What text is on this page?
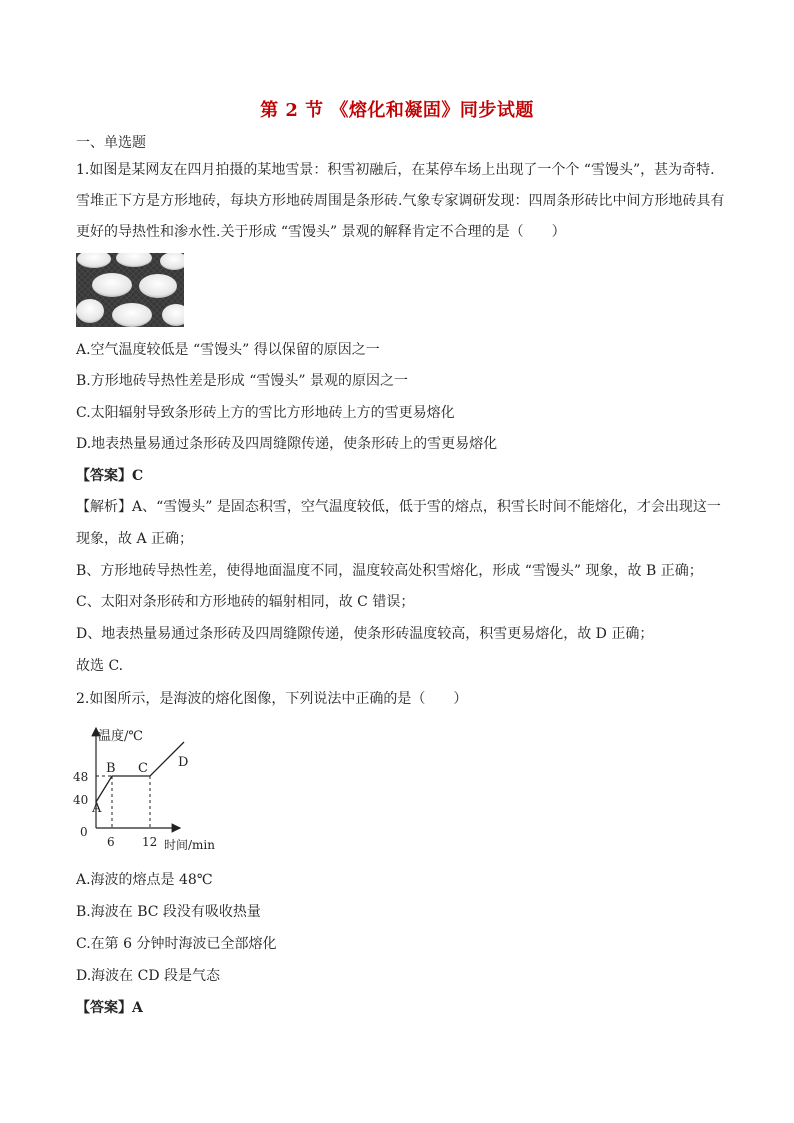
第 2 节 《熔化和凝固》同步试题
一、单选题
1.如图是某网友在四月拍摄的某地雪景：积雪初融后，在某停车场上出现了一个个 “雪馒头”，甚为奇特.
雪堆正下方是方形地砖，每块方形地砖周围是条形砖.气象专家调研发现：四周条形砖比中间方形地砖具有
更好的导热性和渗水性.关于形成 “雪馒头” 景观的解释肯定不合理的是（　　）
A.空气温度较低是 “雪馒头” 得以保留的原因之一
B.方形地砖导热性差是形成 “雪馒头” 景观的原因之一
C.太阳辐射导致条形砖上方的雪比方形地砖上方的雪更易熔化
D.地表热量易通过条形砖及四周缝隙传递，使条形砖上的雪更易熔化
【答案】C
【解析】A、“雪馒头” 是固态积雪，空气温度较低，低于雪的熔点，积雪长时间不能熔化，才会出现这一
现象，故 A 正确；
B、方形地砖导热性差，使得地面温度不同，温度较高处积雪熔化，形成 “雪馒头” 现象，故 B 正确；
C、太阳对条形砖和方形地砖的辐射相同，故 C 错误；
D、地表热量易通过条形砖及四周缝隙传递，使条形砖温度较高，积雪更易熔化，故 D 正确；
故选 C.
2.如图所示，是海波的熔化图像，下列说法中正确的是（　　）
温度/℃
48
40
0
6 12 时间/min
A
B C D
A.海波的熔点是 48℃
B.海波在 BC 段没有吸收热量
C.在第 6 分钟时海波已全部熔化
D.海波在 CD 段是气态
【答案】A
